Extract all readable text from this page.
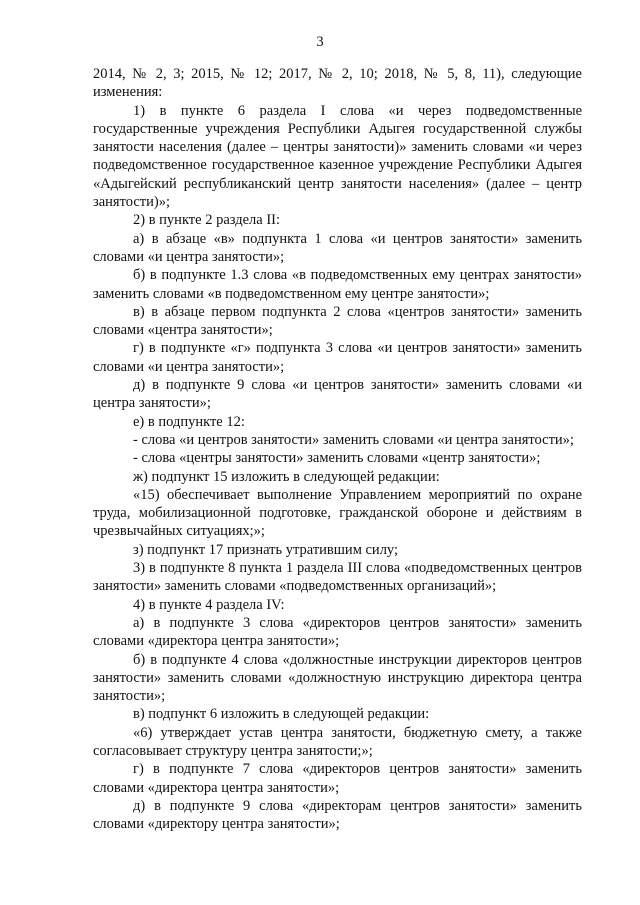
3

2014, № 2, 3; 2015, № 12; 2017, № 2, 10; 2018, № 5, 8, 11), следующие изменения:

1) в пункте 6 раздела I слова «и через подведомственные государственные учреждения Республики Адыгея государственной службы занятости населения (далее – центры занятости)» заменить словами «и через подведомственное государственное казенное учреждение Республики Адыгея «Адыгейский республиканский центр занятости населения» (далее – центр занятости)»;

2) в пункте 2 раздела II:

а) в абзаце «в» подпункта 1 слова «и центров занятости» заменить словами «и центра занятости»;

б) в подпункте 1.3 слова «в подведомственных ему центрах занятости» заменить словами «в подведомственном ему центре занятости»;

в) в абзаце первом подпункта 2 слова «центров занятости» заменить словами «центра занятости»;

г) в подпункте «г» подпункта 3 слова «и центров занятости» заменить словами «и центра занятости»;

д) в подпункте 9 слова «и центров занятости» заменить словами «и центра занятости»;

е) в подпункте 12:

- слова «и центров занятости» заменить словами «и центра занятости»;

- слова «центры занятости» заменить словами «центр занятости»;

ж) подпункт 15 изложить в следующей редакции:

«15) обеспечивает выполнение Управлением мероприятий по охране труда, мобилизационной подготовке, гражданской обороне и действиям в чрезвычайных ситуациях;»;

з) подпункт 17 признать утратившим силу;

3) в подпункте 8 пункта 1 раздела III слова «подведомственных центров занятости» заменить словами «подведомственных организаций»;

4) в пункте 4 раздела IV:

а) в подпункте 3 слова «директоров центров занятости» заменить словами «директора центра занятости»;

б) в подпункте 4 слова «должностные инструкции директоров центров занятости» заменить словами «должностную инструкцию директора центра занятости»;

в) подпункт 6 изложить в следующей редакции:

«6) утверждает устав центра занятости, бюджетную смету, а также согласовывает структуру центра занятости;»;

г) в подпункте 7 слова «директоров центров занятости» заменить словами «директора центра занятости»;

д) в подпункте 9 слова «директорам центров занятости» заменить словами «директору центра занятости»;
